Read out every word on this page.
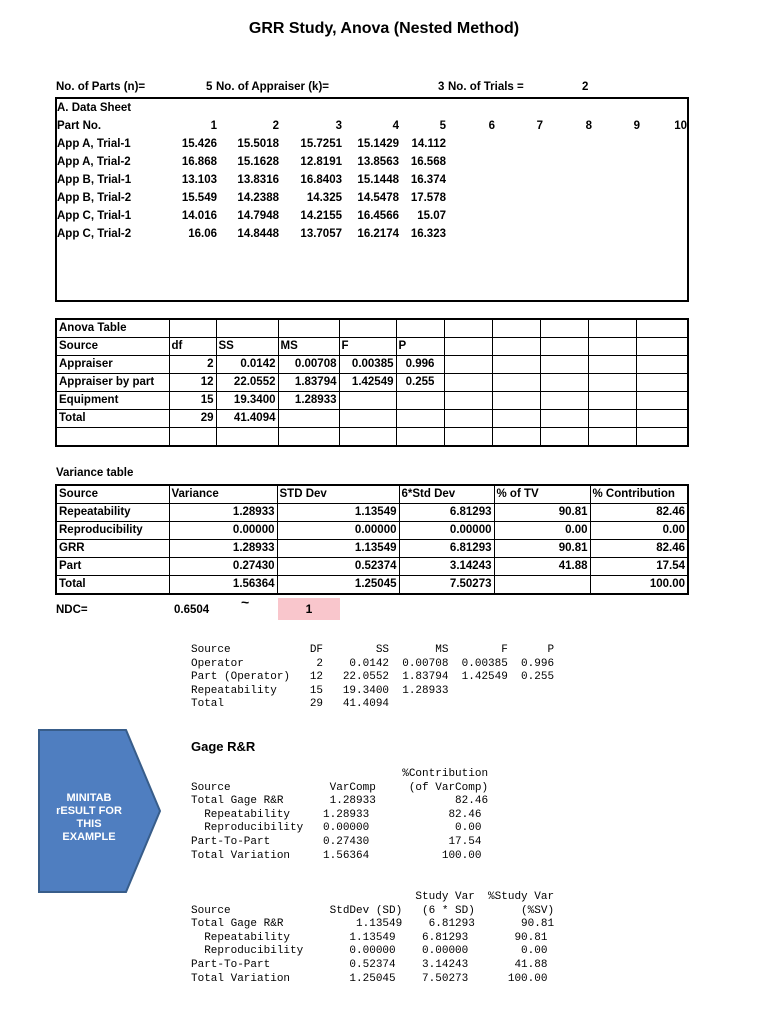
GRR Study, Anova (Nested Method)
No. of Parts (n)=	5 No. of Appraiser (k)=	3 No. of Trials =	2
A. Data Sheet
Part No.	1	2	3	4	5	6	7	8	9	10
App A, Trial-1	15.426 15.5018 15.7251 15.1429 14.112
App A, Trial-2	16.868 15.1628 12.8191 13.8563 16.568
App B, Trial-1	13.103 13.8316 16.8403 15.1448 16.374
App B, Trial-2	15.549 14.2388 14.325 14.5478 17.578
App C, Trial-1	14.016 14.7948 14.2155 16.4566 15.07
App C, Trial-2	16.06 14.8448 13.7057 16.2174 16.323
Anova Table										
Source	df	SS	MS	F	P					
Appraiser	2	0.0142	0.00708	0.00385	0.996					
Appraiser by part	12	22.0552	1.83794	1.42549	0.255					
Equipment	15	19.3400	1.28933							
Total	29	41.4094								

Variance table
Source	Variance	STD Dev	6*Std Dev	% of TV	% Contribution
Repeatability	1.28933	1.13549	6.81293	90.81	82.46
Reproducibility	0.00000	0.00000	0.00000	0.00	0.00
GRR	1.28933	1.13549	6.81293	90.81	82.46
Part	0.27430	0.52374	3.14243	41.88	17.54
Total	1.56364	1.25045	7.50273		100.00
NDC=	0.6504 ~	1
Source            DF        SS       MS        F      P
Operator           2    0.0142  0.00708  0.00385  0.996
Part (Operator)   12   22.0552  1.83794  1.42549  0.255
Repeatability     15   19.3400  1.28933
Total             29   41.4094
MINITAB
rESULT FOR
THIS
EXAMPLE
Gage R&R
%Contribution
Source               VarComp     (of VarComp)
Total Gage R&R       1.28933            82.46
Repeatability     1.28933            82.46
Reproducibility   0.00000             0.00
Part-To-Part        0.27430            17.54
Total Variation     1.56364           100.00
Study Var  %Study Var
Source               StdDev (SD)   (6 * SD)       (%SV)
Total Gage R&R           1.13549    6.81293       90.81
Repeatability         1.13549    6.81293       90.81
Reproducibility       0.00000    0.00000        0.00
Part-To-Part            0.52374    3.14243       41.88
Total Variation         1.25045    7.50273      100.00
